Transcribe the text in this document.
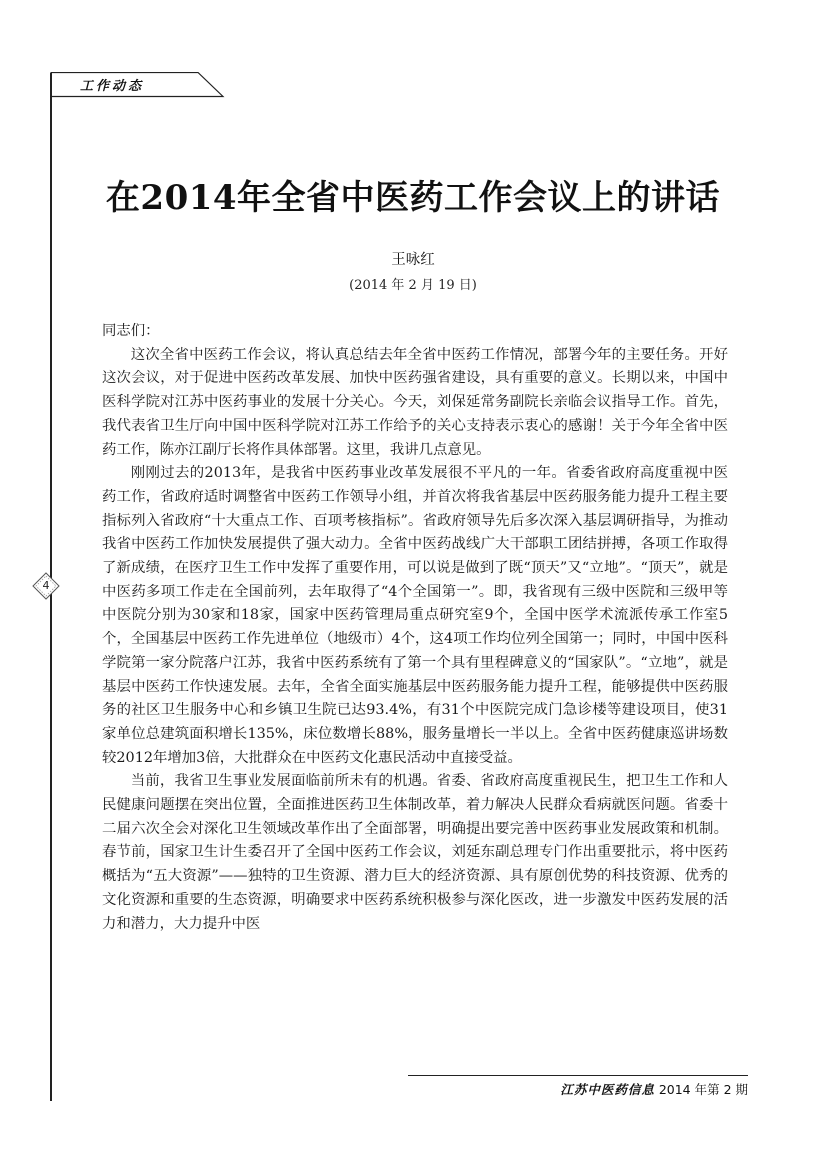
工作动态
在2014年全省中医药工作会议上的讲话
王咏红
(2014 年 2 月 19 日)

同志们：

这次全省中医药工作会议，将认真总结去年全省中医药工作情况，部署今年的主要任务。开好这次会议，对于促进中医药改革发展、加快中医药强省建设，具有重要的意义。长期以来，中国中医科学院对江苏中医药事业的发展十分关心。今天，刘保延常务副院长亲临会议指导工作。首先，我代表省卫生厅向中国中医科学院对江苏工作给予的关心支持表示衷心的感谢！关于今年全省中医药工作，陈亦江副厅长将作具体部署。这里，我讲几点意见。

刚刚过去的2013年，是我省中医药事业改革发展很不平凡的一年。省委省政府高度重视中医药工作，省政府适时调整省中医药工作领导小组，并首次将我省基层中医药服务能力提升工程主要指标列入省政府“十大重点工作、百项考核指标”。省政府领导先后多次深入基层调研指导，为推动我省中医药工作加快发展提供了强大动力。全省中医药战线广大干部职工团结拼搏，各项工作取得了新成绩，在医疗卫生工作中发挥了重要作用，可以说是做到了既“顶天”又“立地”。“顶天”，就是中医药多项工作走在全国前列，去年取得了“4个全国第一”。即，我省现有三级中医院和三级甲等中医院分别为30家和18家，国家中医药管理局重点研究室9个，全国中医学术流派传承工作室5个，全国基层中医药工作先进单位（地级市）4个，这4项工作均位列全国第一；同时，中国中医科学院第一家分院落户江苏，我省中医药系统有了第一个具有里程碑意义的“国家队”。“立地”，就是基层中医药工作快速发展。去年，全省全面实施基层中医药服务能力提升工程，能够提供中医药服务的社区卫生服务中心和乡镇卫生院已达93.4%，有31个中医院完成门急诊楼等建设项目，使31家单位总建筑面积增长135%，床位数增长88%，服务量增长一半以上。全省中医药健康巡讲场数较2012年增加3倍，大批群众在中医药文化惠民活动中直接受益。

当前，我省卫生事业发展面临前所未有的机遇。省委、省政府高度重视民生，把卫生工作和人民健康问题摆在突出位置，全面推进医药卫生体制改革，着力解决人民群众看病就医问题。省委十二届六次全会对深化卫生领域改革作出了全面部署，明确提出要完善中医药事业发展政策和机制。春节前，国家卫生计生委召开了全国中医药工作会议，刘延东副总理专门作出重要批示，将中医药概括为“五大资源”——独特的卫生资源、潜力巨大的经济资源、具有原创优势的科技资源、优秀的文化资源和重要的生态资源，明确要求中医药系统积极参与深化医改，进一步激发中医药发展的活力和潜力，大力提升中医

4
江苏中医药信息 2014 年第 2 期
